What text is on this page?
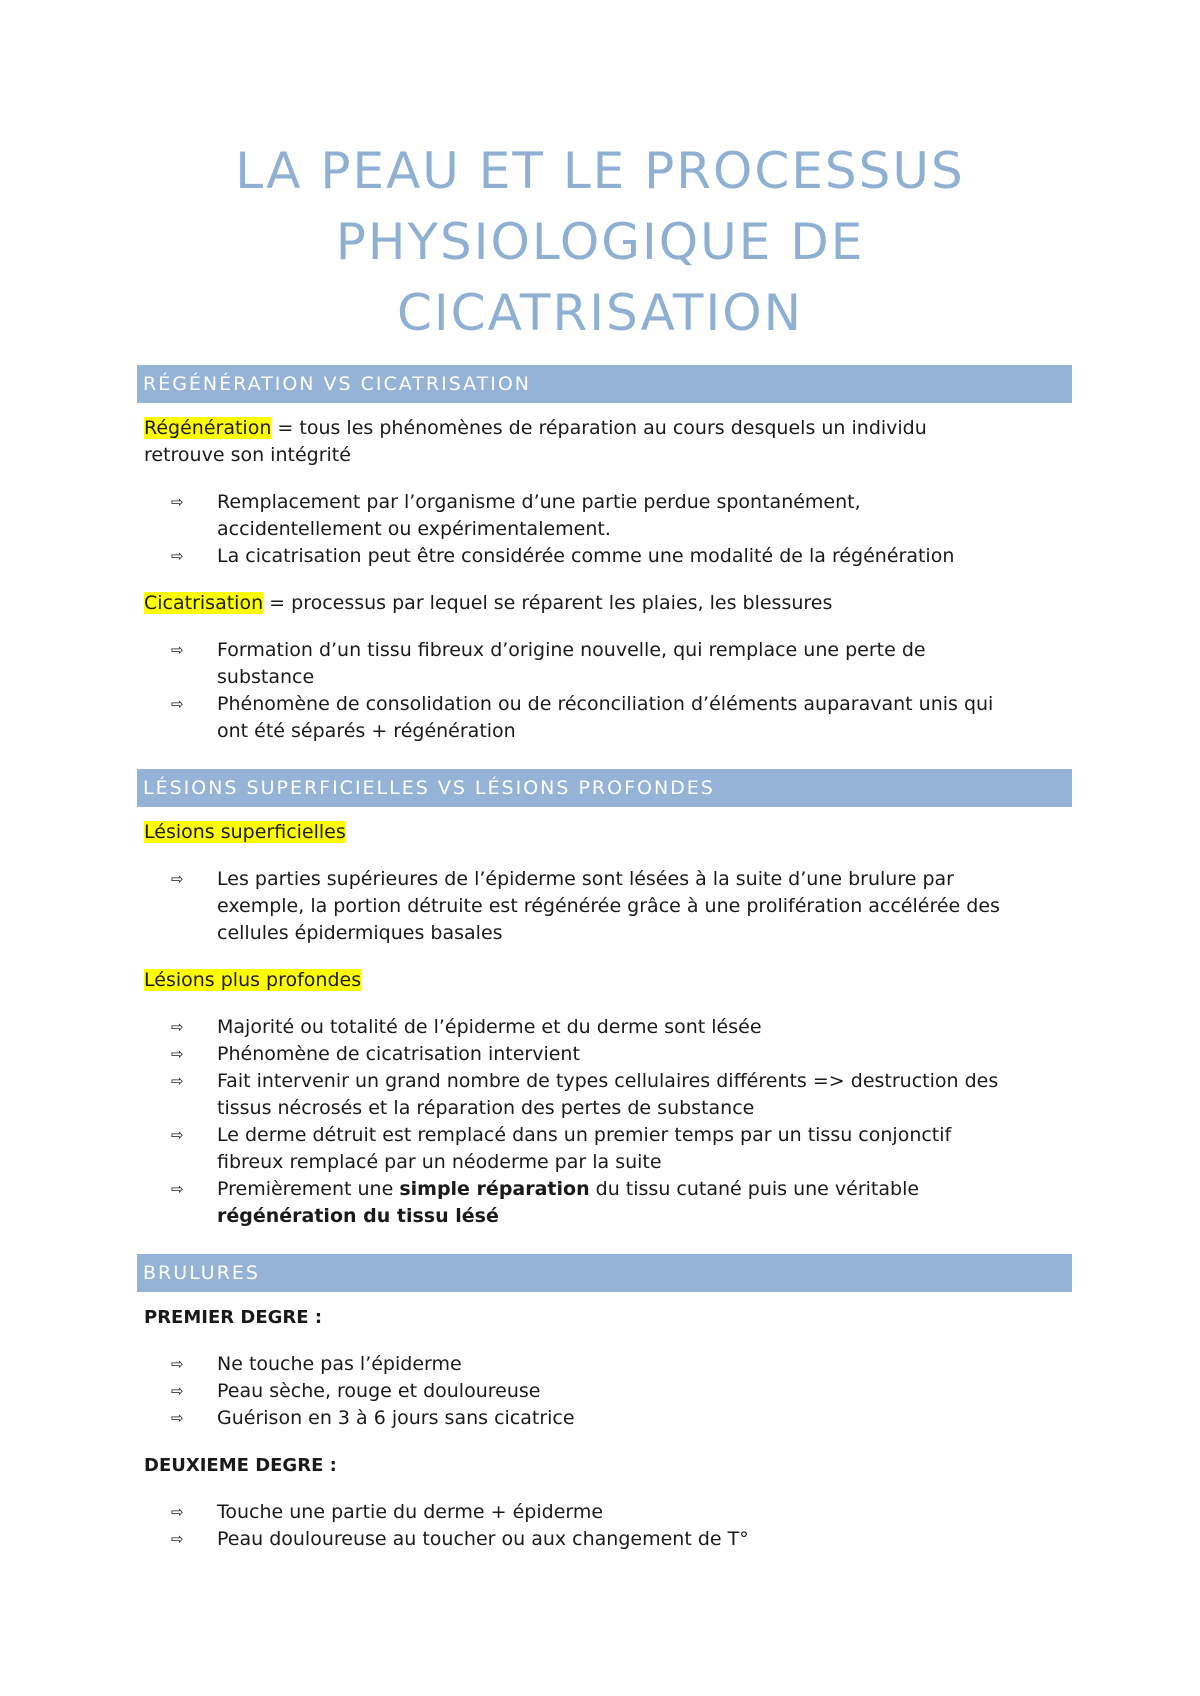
LA PEAU ET LE PROCESSUS
PHYSIOLOGIQUE DE
CICATRISATION
RÉGÉNÉRATION VS CICATRISATION
Régénération = tous les phénomènes de réparation au cours desquels un individu
retrouve son intégrité
⇨
Remplacement par l’organisme d’une partie perdue spontanément,
accidentellement ou expérimentalement.
⇨
La cicatrisation peut être considérée comme une modalité de la régénération
Cicatrisation = processus par lequel se réparent les plaies, les blessures
⇨
Formation d’un tissu fibreux d’origine nouvelle, qui remplace une perte de
substance
⇨
Phénomène de consolidation ou de réconciliation d’éléments auparavant unis qui
ont été séparés + régénération
LÉSIONS SUPERFICIELLES VS LÉSIONS PROFONDES
Lésions superficielles
⇨
Les parties supérieures de l’épiderme sont lésées à la suite d’une brulure par
exemple, la portion détruite est régénérée grâce à une prolifération accélérée des
cellules épidermiques basales
Lésions plus profondes
⇨
Majorité ou totalité de l’épiderme et du derme sont lésée
⇨
Phénomène de cicatrisation intervient
⇨
Fait intervenir un grand nombre de types cellulaires différents => destruction des
tissus nécrosés et la réparation des pertes de substance
⇨
Le derme détruit est remplacé dans un premier temps par un tissu conjonctif
fibreux remplacé par un néoderme par la suite
⇨
Premièrement une simple réparation du tissu cutané puis une véritable
régénération du tissu lésé
BRULURES
PREMIER DEGRE :
⇨
Ne touche pas l’épiderme
⇨
Peau sèche, rouge et douloureuse
⇨
Guérison en 3 à 6 jours sans cicatrice
DEUXIEME DEGRE :
⇨
Touche une partie du derme + épiderme
⇨
Peau douloureuse au toucher ou aux changement de T°
